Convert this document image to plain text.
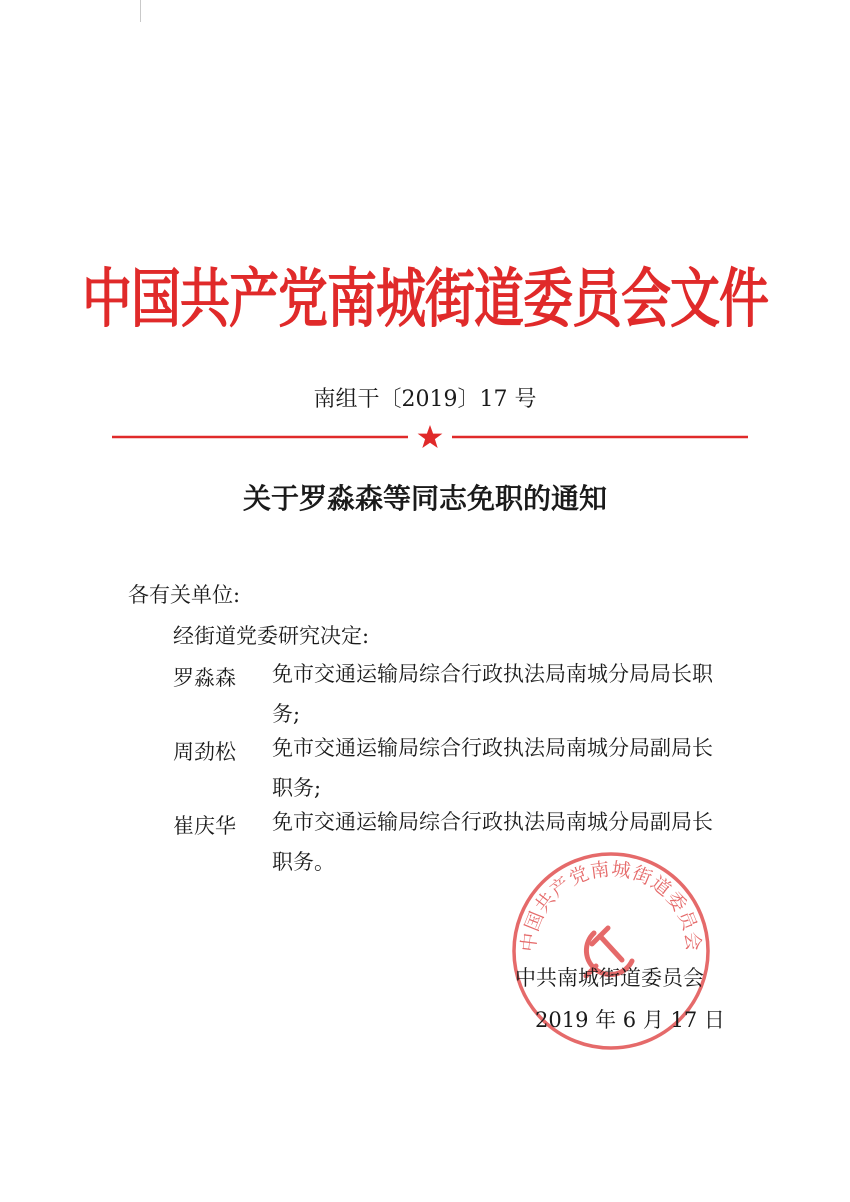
中国共产党南城街道委员会文件
南组干〔2019〕17 号
关于罗淼森等同志免职的通知
各有关单位:
经街道党委研究决定:
罗淼森	免市交通运输局综合行政执法局南城分局局长职务;
周劲松	免市交通运输局综合行政执法局南城分局副局长职务;
崔庆华	免市交通运输局综合行政执法局南城分局副局长职务。
中国共产党南城街道委员会
中共南城街道委员会
2019 年 6 月 17 日
